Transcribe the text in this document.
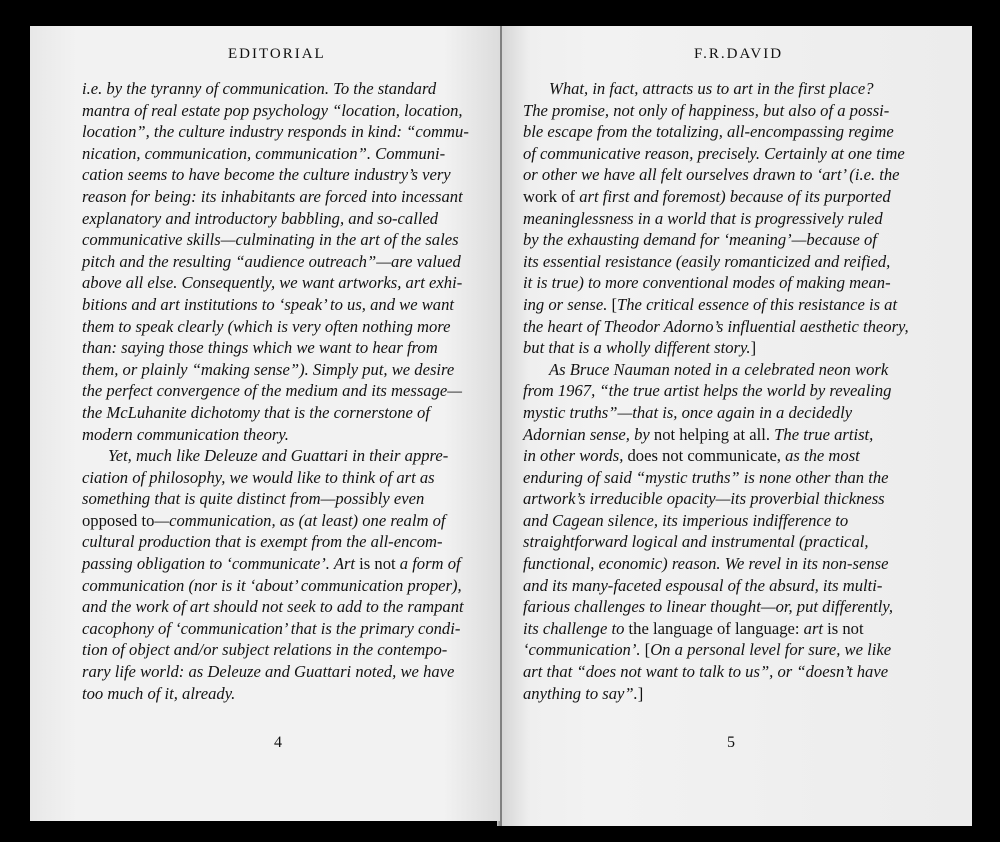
EDITORIAL
i.e. by the tyranny of communication. To the standard
mantra of real estate pop psychology “location, location,
location”, the culture industry responds in kind: “commu-
nication, communication, communication”. Communi-
cation seems to have become the culture industry’s very
reason for being: its inhabitants are forced into incessant
explanatory and introductory babbling, and so-called
communicative skills—culminating in the art of the sales
pitch and the resulting “audience outreach”—are valued
above all else. Consequently, we want artworks, art exhi-
bitions and art institutions to ‘speak’ to us, and we want
them to speak clearly (which is very often nothing more
than: saying those things which we want to hear from
them, or plainly “making sense”). Simply put, we desire
the perfect convergence of the medium and its message—
the McLuhanite dichotomy that is the cornerstone of
modern communication theory.
Yet, much like Deleuze and Guattari in their appre-
ciation of philosophy, we would like to think of art as
something that is quite distinct from—possibly even
opposed to—communication, as (at least) one realm of
cultural production that is exempt from the all-encom-
passing obligation to ‘communicate’. Art is not a form of
communication (nor is it ‘about’ communication proper),
and the work of art should not seek to add to the rampant
cacophony of ‘communication’ that is the primary condi-
tion of object and/or subject relations in the contempo-
rary life world: as Deleuze and Guattari noted, we have
too much of it, already.
4
F.R.DAVID
What, in fact, attracts us to art in the first place?
The promise, not only of happiness, but also of a possi-
ble escape from the totalizing, all-encompassing regime
of communicative reason, precisely. Certainly at one time
or other we have all felt ourselves drawn to ‘art’ (i.e. the
work of art first and foremost) because of its purported
meaninglessness in a world that is progressively ruled
by the exhausting demand for ‘meaning’—because of
its essential resistance (easily romanticized and reified,
it is true) to more conventional modes of making mean-
ing or sense. [The critical essence of this resistance is at
the heart of Theodor Adorno’s influential aesthetic theory,
but that is a wholly different story.]
As Bruce Nauman noted in a celebrated neon work
from 1967, “the true artist helps the world by revealing
mystic truths”—that is, once again in a decidedly
Adornian sense, by not helping at all. The true artist,
in other words, does not communicate, as the most
enduring of said “mystic truths” is none other than the
artwork’s irreducible opacity—its proverbial thickness
and Cagean silence, its imperious indifference to
straightforward logical and instrumental (practical,
functional, economic) reason. We revel in its non-sense
and its many-faceted espousal of the absurd, its multi-
farious challenges to linear thought—or, put differently,
its challenge to the language of language: art is not
‘communication’. [On a personal level for sure, we like
art that “does not want to talk to us”, or “doesn’t have
anything to say”.]
5
